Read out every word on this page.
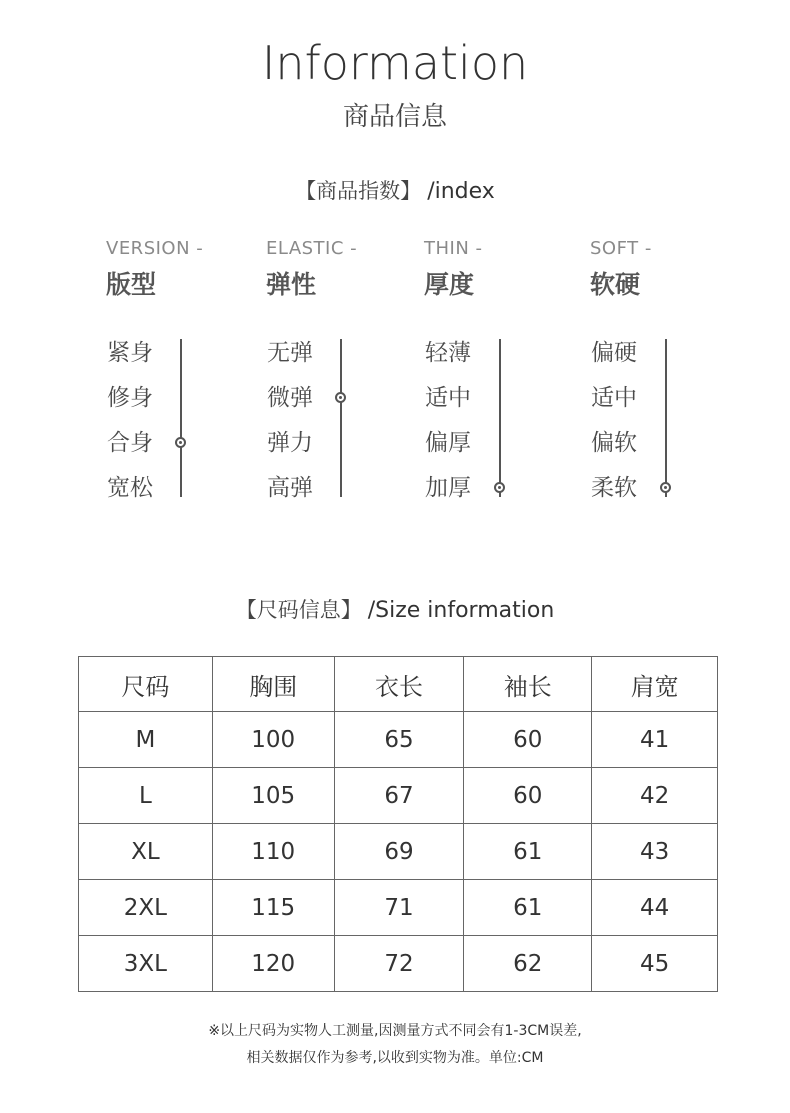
Information
商品信息
【商品指数】 /index
VERSION -
版型
紧身
修身
合身
宽松
ELASTIC -
弹性
无弹
微弹
弹力
高弹
THIN -
厚度
轻薄
适中
偏厚
加厚
SOFT -
软硬
偏硬
适中
偏软
柔软
【尺码信息】 /Size information
尺码	胸围	衣长	袖长	肩宽
M	100	65	60	41
L	105	67	60	42
XL	110	69	61	43
2XL	115	71	61	44
3XL	120	72	62	45
※以上尺码为实物人工测量,因测量方式不同会有1-3CM误差,
相关数据仅作为参考,以收到实物为准。单位:CM
